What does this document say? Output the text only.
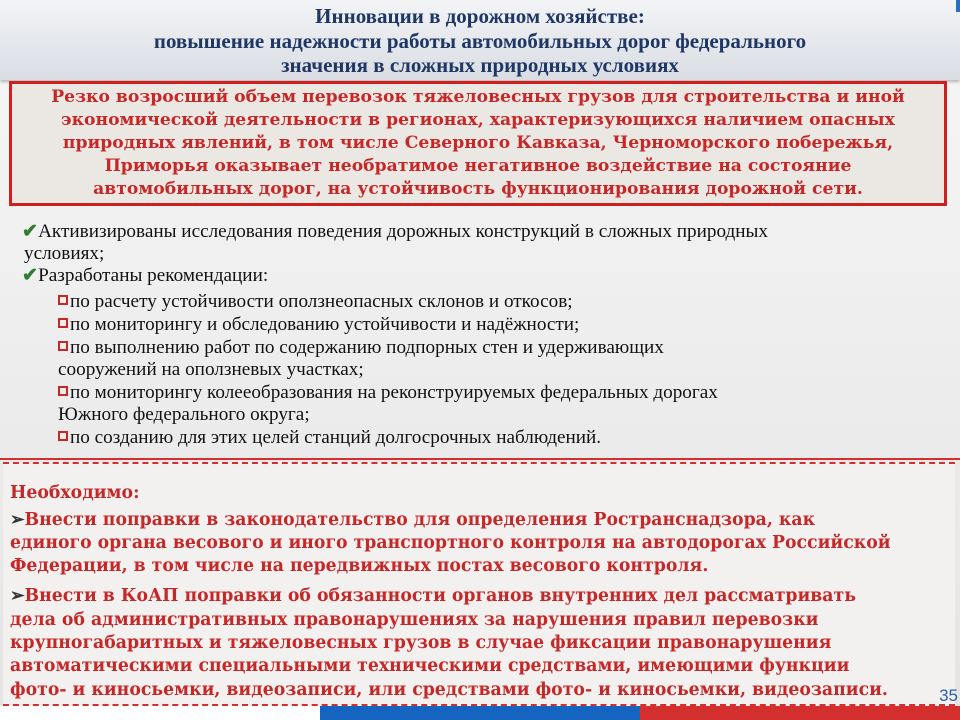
Инновации в дорожном хозяйстве:
повышение надежности работы автомобильных дорог федерального
значения в сложных природных условиях
Резко возросший объем перевозок тяжеловесных грузов для строительства и иной
экономической деятельности в регионах, характеризующихся наличием опасных
природных явлений, в том числе Северного Кавказа, Черноморского побережья,
Приморья оказывает необратимое негативное воздействие на состояние
автомобильных дорог, на устойчивость функционирования дорожной сети.
✔Активизированы исследования поведения дорожных конструкций в сложных природных
условиях;
✔Разработаны рекомендации:
по расчету устойчивости оползнеопасных склонов и откосов;
по мониторингу и обследованию устойчивости и надёжности;
по выполнению работ по содержанию подпорных стен и удерживающих
сооружений на оползневых участках;
по мониторингу колееобразования на реконструируемых федеральных дорогах
Южного федерального округа;
по созданию для этих целей станций долгосрочных наблюдений.
Необходимо:
➢Внести поправки в законодательство для определения Ространснадзора, как
единого органа весового и иного транспортного контроля на автодорогах Российской
Федерации, в том числе на передвижных постах весового контроля.
➢Внести в КоАП поправки об обязанности органов внутренних дел рассматривать
дела об административных правонарушениях за нарушения правил перевозки
крупногабаритных и тяжеловесных грузов в случае фиксации правонарушения
автоматическими специальными техническими средствами, имеющими функции
фото- и киносьемки, видеозаписи, или средствами фото- и киносьемки, видеозаписи.	35
